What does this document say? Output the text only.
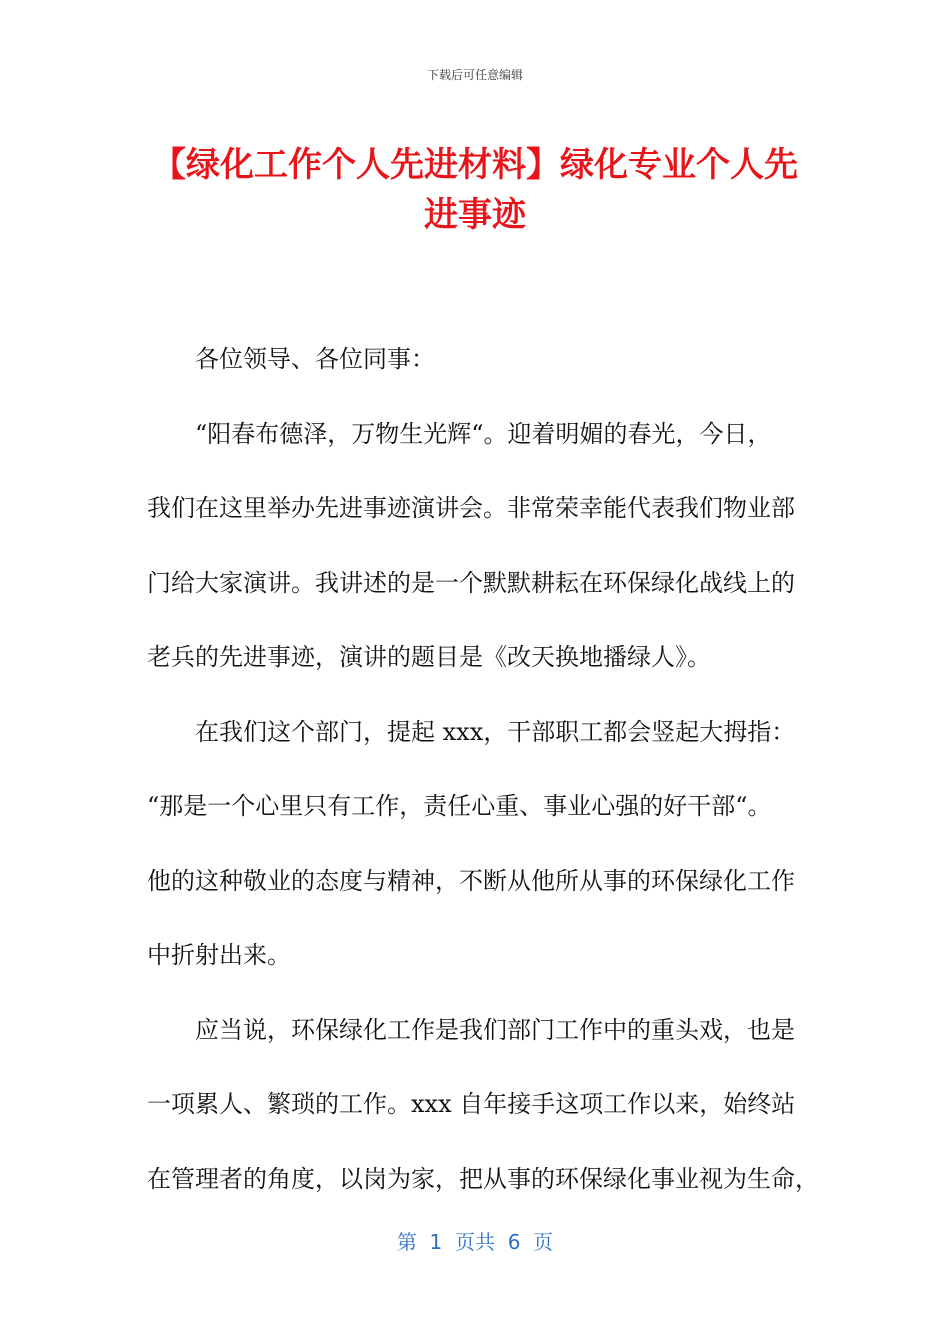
下载后可任意编辑
【绿化工作个人先进材料】绿化专业个人先
进事迹
各位领导、各位同事：
“阳春布德泽，万物生光辉“。迎着明媚的春光，今日，
我们在这里举办先进事迹演讲会。非常荣幸能代表我们物业部
门给大家演讲。我讲述的是一个默默耕耘在环保绿化战线上的
老兵的先进事迹，演讲的题目是《改天换地播绿人》。
在我们这个部门，提起 xxx，干部职工都会竖起大拇指：
“那是一个心里只有工作，责任心重、事业心强的好干部“。
他的这种敬业的态度与精神，不断从他所从事的环保绿化工作
中折射出来。
应当说，环保绿化工作是我们部门工作中的重头戏，也是
一项累人、繁琐的工作。xxx 自年接手这项工作以来，始终站
在管理者的角度，以岗为家，把从事的环保绿化事业视为生命，
第  1  页共  6  页
